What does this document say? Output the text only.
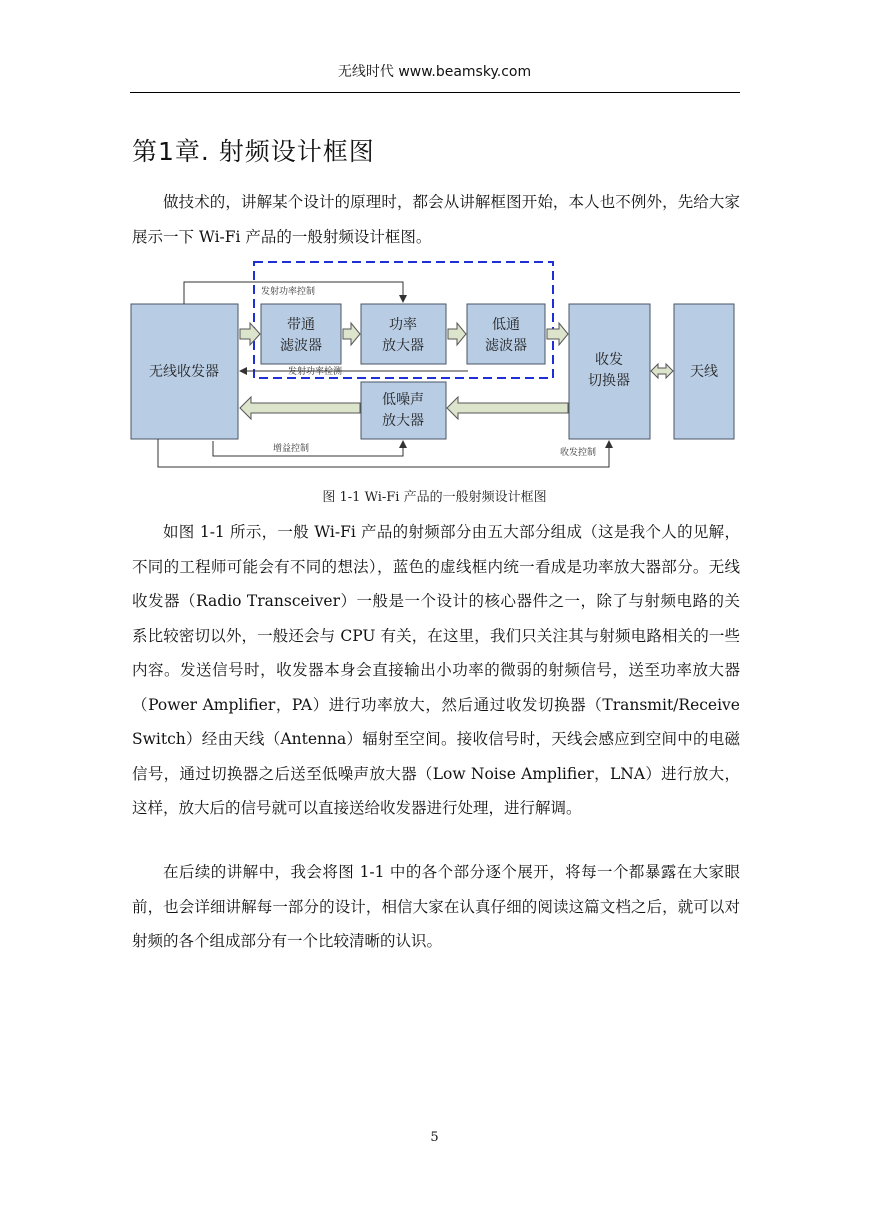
无线时代 www.beamsky.com
第1章. 射频设计框图

做技术的，讲解某个设计的原理时，都会从讲解框图开始，本人也不例外，先给大家展示一下 Wi-Fi 产品的一般射频设计框图。

无线收发器
带通
滤波器
功率
放大器
低通
滤波器
收发
切换器
天线
低噪声
放大器
发射功率控制
发射功率检测
增益控制	收发控制
图 1-1 Wi-Fi 产品的一般射频设计框图

如图 1-1 所示，一般 Wi-Fi 产品的射频部分由五大部分组成（这是我个人的见解，不同的工程师可能会有不同的想法），蓝色的虚线框内统一看成是功率放大器部分。无线收发器（Radio Transceiver）一般是一个设计的核心器件之一，除了与射频电路的关系比较密切以外，一般还会与 CPU 有关，在这里，我们只关注其与射频电路相关的一些内容。发送信号时，收发器本身会直接输出小功率的微弱的射频信号，送至功率放大器（Power Amplifier，PA）进行功率放大，然后通过收发切换器（Transmit/Receive Switch）经由天线（Antenna）辐射至空间。接收信号时，天线会感应到空间中的电磁信号，通过切换器之后送至低噪声放大器（Low Noise Amplifier，LNA）进行放大，这样，放大后的信号就可以直接送给收发器进行处理，进行解调。

在后续的讲解中，我会将图 1-1 中的各个部分逐个展开，将每一个都暴露在大家眼前，也会详细讲解每一部分的设计，相信大家在认真仔细的阅读这篇文档之后，就可以对射频的各个组成部分有一个比较清晰的认识。

5
